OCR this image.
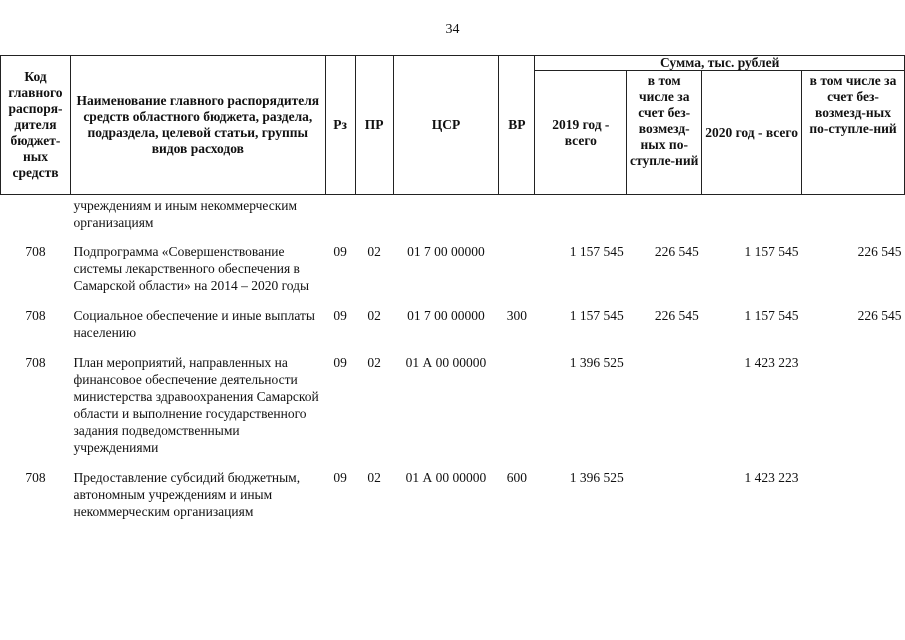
34
Код главного распоря-дителя бюджет-ных средств	Наименование главного распорядителя средств областного бюджета, раздела, подраздела, целевой статьи, группы видов расходов	Рз	ПР	ЦСР	ВР	Сумма, тыс. рублей			
						2019 год - всего	в том числе за счет без-возмезд-ных по-ступле-ний	2020 год - всего	в том числе за счет без-возмезд-ных по-ступле-ний
	учреждениям и иным некоммерческим организациям								
708	Подпрограмма «Совершенствование системы лекарственного обеспечения в Самарской области» на 2014 – 2020 годы	09	02	01 7 00 00000		1 157 545	226 545	1 157 545	226 545
708	Социальное обеспечение и иные выплаты населению	09	02	01 7 00 00000	300	1 157 545	226 545	1 157 545	226 545
708	План мероприятий, направленных на финансовое обеспечение деятельности министерства здравоохранения Самарской области и выполнение государственного задания подведомственными учреждениями	09	02	01 А 00 00000		1 396 525		1 423 223	
708	Предоставление субсидий бюджетным, автономным учреждениям и иным некоммерческим организациям	09	02	01 А 00 00000	600	1 396 525		1 423 223	
